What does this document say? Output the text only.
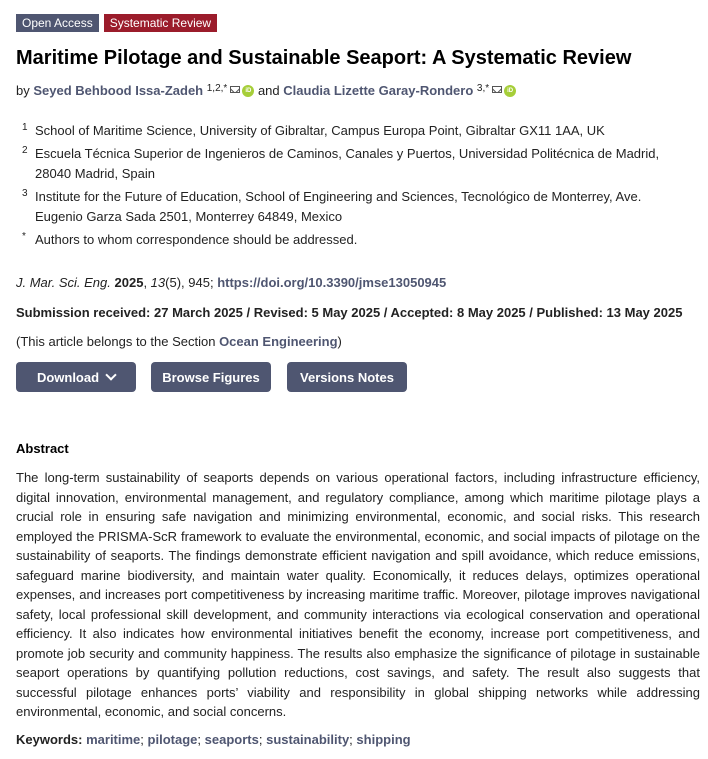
Open Access	Systematic Review
Maritime Pilotage and Sustainable Seaport: A Systematic Review
by Seyed Behbood Issa-Zadeh $^{1,2,*}$	iD and Claudia Lizette Garay-Rondero $^{3,*}$	iD
1 School of Maritime Science, University of Gibraltar, Campus Europa Point, Gibraltar GX11 1AA, UK
2 Escuela Técnica Superior de Ingenieros de Caminos, Canales y Puertos, Universidad Politécnica de Madrid, 28040 Madrid, Spain
3 Institute for the Future of Education, School of Engineering and Sciences, Tecnológico de Monterrey, Ave. Eugenio Garza Sada 2501, Monterrey 64849, Mexico
* Authors to whom correspondence should be addressed.
J. Mar. Sci. Eng. 2025, 13(5), 945; https://doi.org/10.3390/jmse13050945
Submission received: 27 March 2025 / Revised: 5 May 2025 / Accepted: 8 May 2025 / Published: 13 May 2025
(This article belongs to the Section Ocean Engineering)
Download	Browse Figures	Versions Notes
Abstract
The long-term sustainability of seaports depends on various operational factors, including infrastructure efficiency, digital innovation, environmental management, and regulatory compliance, among which maritime pilotage plays a crucial role in ensuring safe navigation and minimizing environmental, economic, and social risks. This research employed the PRISMA-ScR framework to evaluate the environmental, economic, and social impacts of pilotage on the sustainability of seaports. The findings demonstrate efficient navigation and spill avoidance, which reduce emissions, safeguard marine biodiversity, and maintain water quality. Economically, it reduces delays, optimizes operational expenses, and increases port competitiveness by increasing maritime traffic. Moreover, pilotage improves navigational safety, local professional skill development, and community interactions via ecological conservation and operational efficiency. It also indicates how environmental initiatives benefit the economy, increase port competitiveness, and promote job security and community happiness. The results also emphasize the significance of pilotage in sustainable seaport operations by quantifying pollution reductions, cost savings, and safety. The result also suggests that successful pilotage enhances ports’ viability and responsibility in global shipping networks while addressing environmental, economic, and social concerns.
Keywords: maritime; pilotage; seaports; sustainability; shipping
